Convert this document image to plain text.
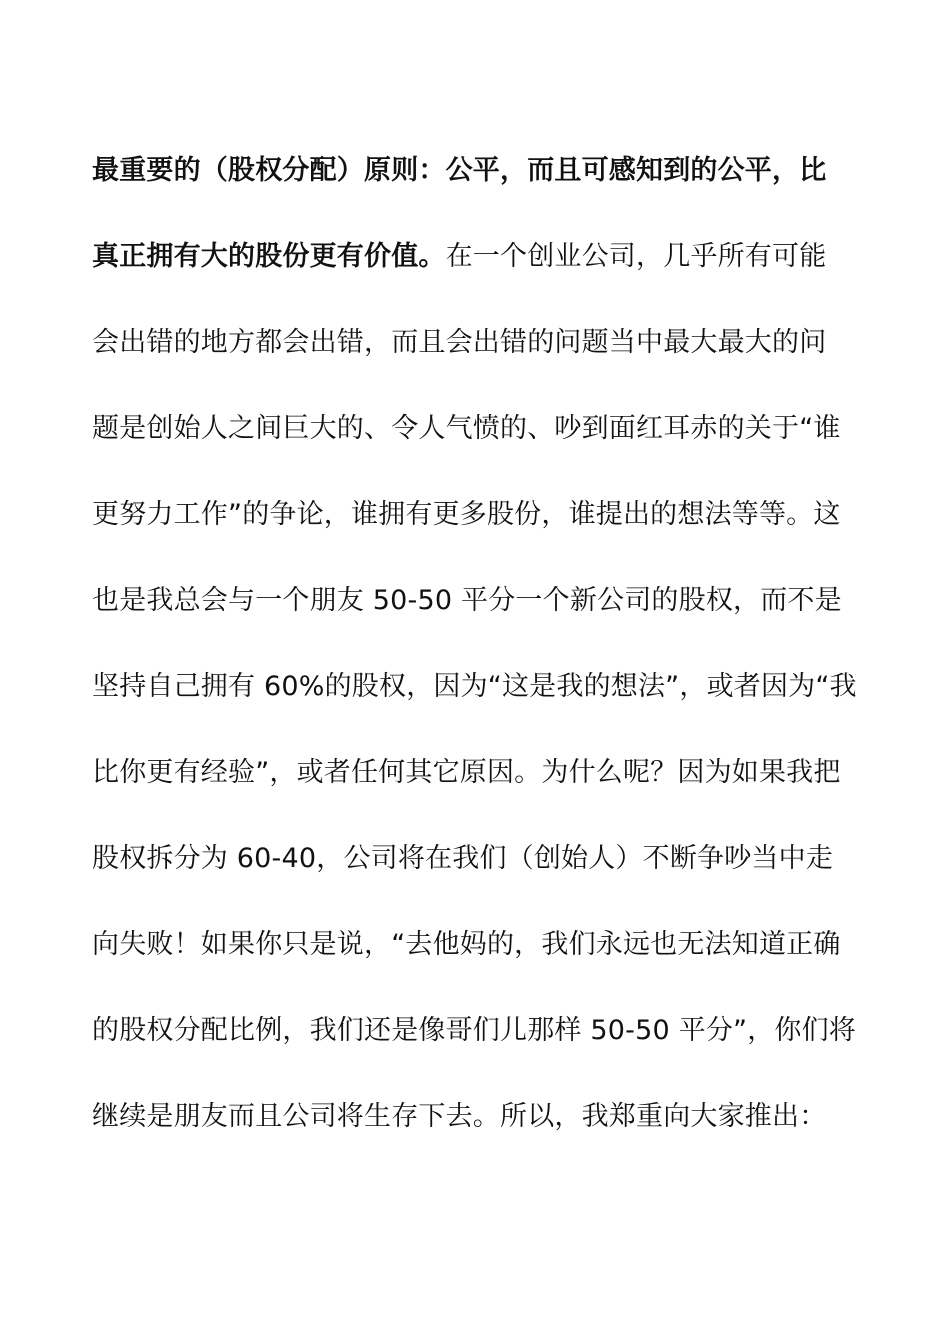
最重要的（股权分配）原则：公平，而且可感知到的公平，比
真正拥有大的股份更有价值。在一个创业公司，几乎所有可能
会出错的地方都会出错，而且会出错的问题当中最大最大的问
题是创始人之间巨大的、令人气愤的、吵到面红耳赤的关于“谁
更努力工作”的争论，谁拥有更多股份，谁提出的想法等等。这
也是我总会与一个朋友 50-50 平分一个新公司的股权，而不是
坚持自己拥有 60%的股权，因为“这是我的想法”，或者因为“我
比你更有经验”，或者任何其它原因。为什么呢？因为如果我把
股权拆分为 60-40，公司将在我们（创始人）不断争吵当中走
向失败！如果你只是说，“去他妈的，我们永远也无法知道正确
的股权分配比例，我们还是像哥们儿那样 50-50 平分”，你们将
继续是朋友而且公司将生存下去。所以，我郑重向大家推出：
